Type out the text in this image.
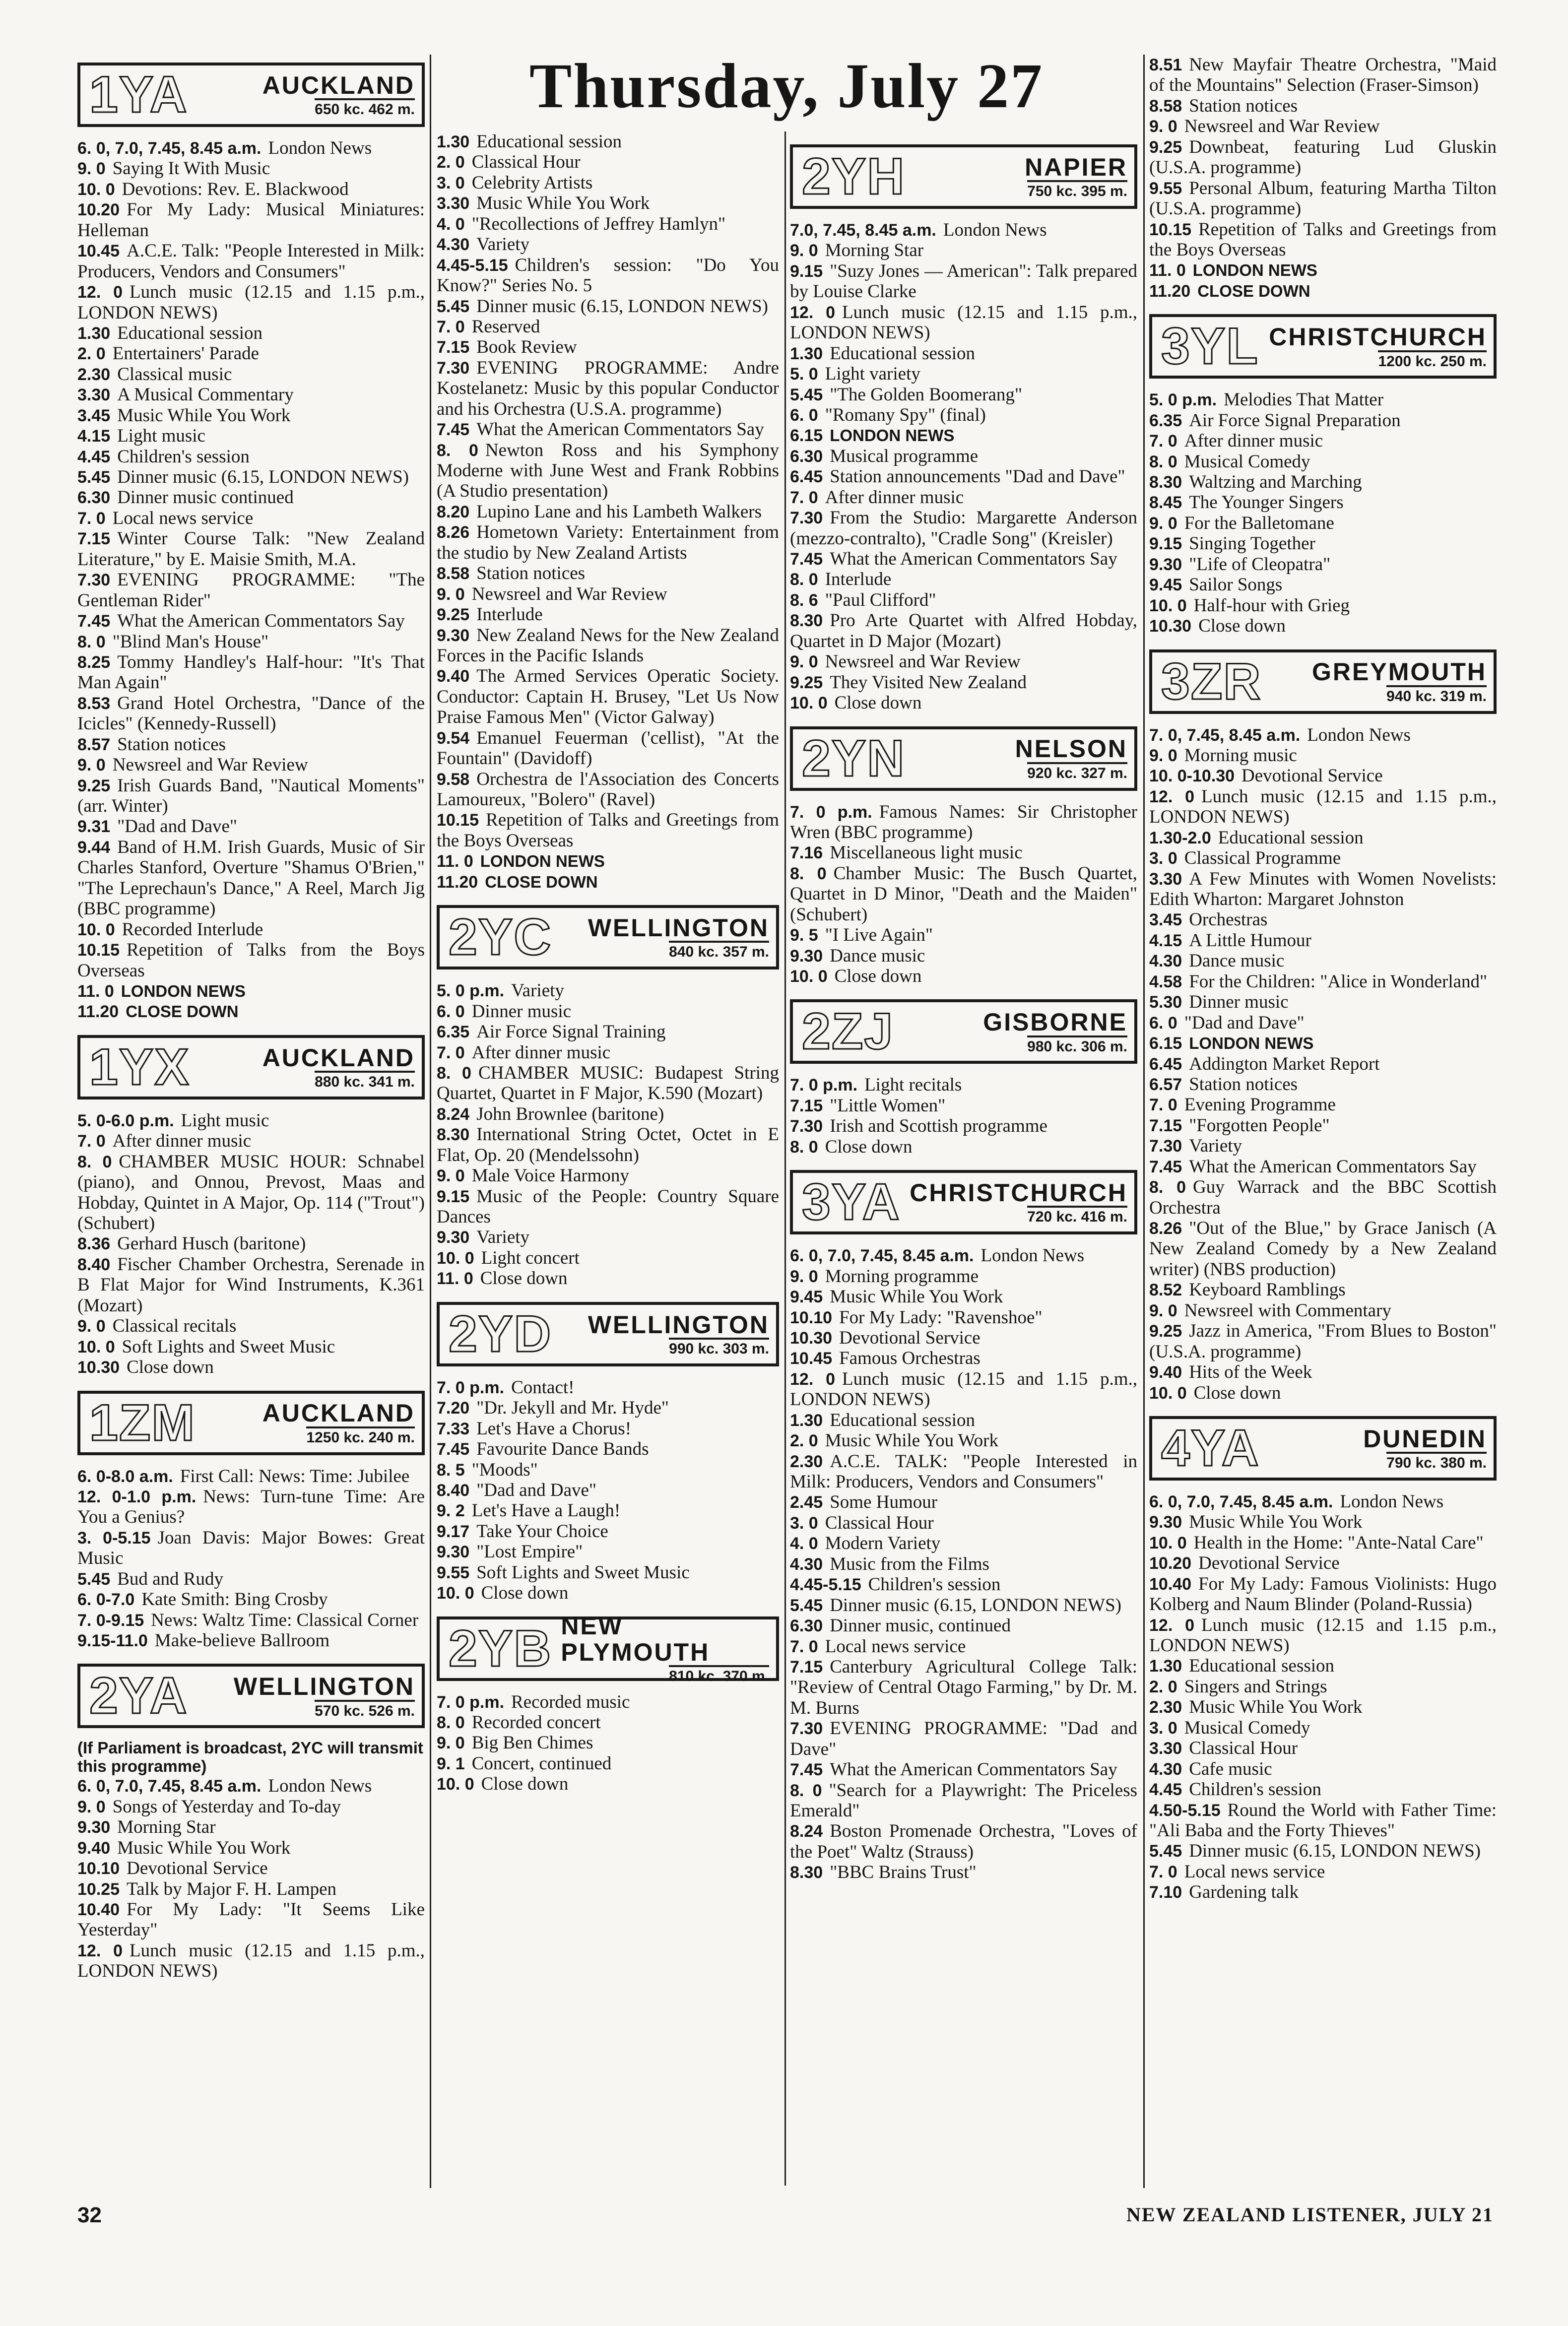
Thursday, July 27
1YA	AUCKLAND
650 kc. 462 m.

6. 0, 7.0, 7.45, 8.45 a.m. London News

9. 0 Saying It With Music

10. 0 Devotions: Rev. E. Blackwood

10.20 For My Lady: Musical Miniatures: Helleman

10.45 A.C.E. Talk: "People Interested in Milk: Producers, Vendors and Consumers"

12. 0 Lunch music (12.15 and 1.15 p.m., LONDON NEWS)

1.30 Educational session

2. 0 Entertainers' Parade

2.30 Classical music

3.30 A Musical Commentary

3.45 Music While You Work

4.15 Light music

4.45 Children's session

5.45 Dinner music (6.15, LONDON NEWS)

6.30 Dinner music continued

7. 0 Local news service

7.15 Winter Course Talk: "New Zealand Literature," by E. Maisie Smith, M.A.

7.30 EVENING PROGRAMME: "The Gentleman Rider"

7.45 What the American Commentators Say

8. 0 "Blind Man's House"

8.25 Tommy Handley's Half-hour: "It's That Man Again"

8.53 Grand Hotel Orchestra, "Dance of the Icicles" (Kennedy-Russell)

8.57 Station notices

9. 0 Newsreel and War Review

9.25 Irish Guards Band, "Nautical Moments" (arr. Winter)

9.31 "Dad and Dave"

9.44 Band of H.M. Irish Guards, Music of Sir Charles Stanford, Overture "Shamus O'Brien," "The Leprechaun's Dance," A Reel, March Jig (BBC programme)

10. 0 Recorded Interlude

10.15 Repetition of Talks from the Boys Overseas

11. 0 LONDON NEWS

11.20 CLOSE DOWN

1YX	AUCKLAND
880 kc. 341 m.

5. 0-6.0 p.m. Light music

7. 0 After dinner music

8. 0 CHAMBER MUSIC HOUR: Schnabel (piano), and Onnou, Prevost, Maas and Hobday, Quintet in A Major, Op. 114 ("Trout") (Schubert)

8.36 Gerhard Husch (baritone)

8.40 Fischer Chamber Orchestra, Serenade in B Flat Major for Wind Instruments, K.361 (Mozart)

9. 0 Classical recitals

10. 0 Soft Lights and Sweet Music

10.30 Close down

1ZM	AUCKLAND
1250 kc. 240 m.

6. 0-8.0 a.m. First Call: News: Time: Jubilee

12. 0-1.0 p.m. News: Turn-tune Time: Are You a Genius?

3. 0-5.15 Joan Davis: Major Bowes: Great Music

5.45 Bud and Rudy

6. 0-7.0 Kate Smith: Bing Crosby

7. 0-9.15 News: Waltz Time: Classical Corner

9.15-11.0 Make-believe Ballroom

2YA	WELLINGTON
570 kc. 526 m.
(If Parliament is broadcast, 2YC will transmit this programme)

6. 0, 7.0, 7.45, 8.45 a.m. London News

9. 0 Songs of Yesterday and To-day

9.30 Morning Star

9.40 Music While You Work

10.10 Devotional Service

10.25 Talk by Major F. H. Lampen

10.40 For My Lady: "It Seems Like Yesterday"

12. 0 Lunch music (12.15 and 1.15 p.m., LONDON NEWS)

1.30 Educational session

2. 0 Classical Hour

3. 0 Celebrity Artists

3.30 Music While You Work

4. 0 "Recollections of Jeffrey Hamlyn"

4.30 Variety

4.45-5.15 Children's session: "Do You Know?" Series No. 5

5.45 Dinner music (6.15, LONDON NEWS)

7. 0 Reserved

7.15 Book Review

7.30 EVENING PROGRAMME: Andre Kostelanetz: Music by this popular Conductor and his Orchestra (U.S.A. programme)

7.45 What the American Commentators Say

8. 0 Newton Ross and his Symphony Moderne with June West and Frank Robbins (A Studio presentation)

8.20 Lupino Lane and his Lambeth Walkers

8.26 Hometown Variety: Entertainment from the studio by New Zealand Artists

8.58 Station notices

9. 0 Newsreel and War Review

9.25 Interlude

9.30 New Zealand News for the New Zealand Forces in the Pacific Islands

9.40 The Armed Services Operatic Society. Conductor: Captain H. Brusey, "Let Us Now Praise Famous Men" (Victor Galway)

9.54 Emanuel Feuerman ('cellist), "At the Fountain" (Davidoff)

9.58 Orchestra de l'Association des Concerts Lamoureux, "Bolero" (Ravel)

10.15 Repetition of Talks and Greetings from the Boys Overseas

11. 0 LONDON NEWS

11.20 CLOSE DOWN

2YC	WELLINGTON
840 kc. 357 m.

5. 0 p.m. Variety

6. 0 Dinner music

6.35 Air Force Signal Training

7. 0 After dinner music

8. 0 CHAMBER MUSIC: Budapest String Quartet, Quartet in F Major, K.590 (Mozart)

8.24 John Brownlee (baritone)

8.30 International String Octet, Octet in E Flat, Op. 20 (Mendelssohn)

9. 0 Male Voice Harmony

9.15 Music of the People: Country Square Dances

9.30 Variety

10. 0 Light concert

11. 0 Close down

2YD	WELLINGTON
990 kc. 303 m.

7. 0 p.m. Contact!

7.20 "Dr. Jekyll and Mr. Hyde"

7.33 Let's Have a Chorus!

7.45 Favourite Dance Bands

8. 5 "Moods"

8.40 "Dad and Dave"

9. 2 Let's Have a Laugh!

9.17 Take Your Choice

9.30 "Lost Empire"

9.55 Soft Lights and Sweet Music

10. 0 Close down

2YB NEW PLYMOUTH
810 kc. 370 m.

7. 0 p.m. Recorded music

8. 0 Recorded concert

9. 0 Big Ben Chimes

9. 1 Concert, continued

10. 0 Close down

2YH	NAPIER
750 kc. 395 m.

7.0, 7.45, 8.45 a.m. London News

9. 0 Morning Star

9.15 "Suzy Jones — American": Talk prepared by Louise Clarke

12. 0 Lunch music (12.15 and 1.15 p.m., LONDON NEWS)

1.30 Educational session

5. 0 Light variety

5.45 "The Golden Boomerang"

6. 0 "Romany Spy" (final)

6.15 LONDON NEWS

6.30 Musical programme

6.45 Station announcements "Dad and Dave"

7. 0 After dinner music

7.30 From the Studio: Margarette Anderson (mezzo-contralto), "Cradle Song" (Kreisler)

7.45 What the American Commentators Say

8. 0 Interlude

8. 6 "Paul Clifford"

8.30 Pro Arte Quartet with Alfred Hobday, Quartet in D Major (Mozart)

9. 0 Newsreel and War Review

9.25 They Visited New Zealand

10. 0 Close down

2YN	NELSON
920 kc. 327 m.

7. 0 p.m. Famous Names: Sir Christopher Wren (BBC programme)

7.16 Miscellaneous light music

8. 0 Chamber Music: The Busch Quartet, Quartet in D Minor, "Death and the Maiden" (Schubert)

9. 5 "I Live Again"

9.30 Dance music

10. 0 Close down

2ZJ	GISBORNE
980 kc. 306 m.

7. 0 p.m. Light recitals

7.15 "Little Women"

7.30 Irish and Scottish programme

8. 0 Close down

3YA CHRISTCHURCH
720 kc. 416 m.

6. 0, 7.0, 7.45, 8.45 a.m. London News

9. 0 Morning programme

9.45 Music While You Work

10.10 For My Lady: "Ravenshoe"

10.30 Devotional Service

10.45 Famous Orchestras

12. 0 Lunch music (12.15 and 1.15 p.m., LONDON NEWS)

1.30 Educational session

2. 0 Music While You Work

2.30 A.C.E. TALK: "People Interested in Milk: Producers, Vendors and Consumers"

2.45 Some Humour

3. 0 Classical Hour

4. 0 Modern Variety

4.30 Music from the Films

4.45-5.15 Children's session

5.45 Dinner music (6.15, LONDON NEWS)

6.30 Dinner music, continued

7. 0 Local news service

7.15 Canterbury Agricultural College Talk: "Review of Central Otago Farming," by Dr. M. M. Burns

7.30 EVENING PROGRAMME: "Dad and Dave"

7.45 What the American Commentators Say

8. 0 "Search for a Playwright: The Priceless Emerald"

8.24 Boston Promenade Orchestra, "Loves of the Poet" Waltz (Strauss)

8.30 "BBC Brains Trust"

8.51 New Mayfair Theatre Orchestra, "Maid of the Mountains" Selection (Fraser-Simson)

8.58 Station notices

9. 0 Newsreel and War Review

9.25 Downbeat, featuring Lud Gluskin (U.S.A. programme)

9.55 Personal Album, featuring Martha Tilton (U.S.A. programme)

10.15 Repetition of Talks and Greetings from the Boys Overseas

11. 0 LONDON NEWS

11.20 CLOSE DOWN

3YL CHRISTCHURCH
1200 kc. 250 m.

5. 0 p.m. Melodies That Matter

6.35 Air Force Signal Preparation

7. 0 After dinner music

8. 0 Musical Comedy

8.30 Waltzing and Marching

8.45 The Younger Singers

9. 0 For the Balletomane

9.15 Singing Together

9.30 "Life of Cleopatra"

9.45 Sailor Songs

10. 0 Half-hour with Grieg

10.30 Close down

3ZR	GREYMOUTH
940 kc. 319 m.

7. 0, 7.45, 8.45 a.m. London News

9. 0 Morning music

10. 0-10.30 Devotional Service

12. 0 Lunch music (12.15 and 1.15 p.m., LONDON NEWS)

1.30-2.0 Educational session

3. 0 Classical Programme

3.30 A Few Minutes with Women Novelists: Edith Wharton: Margaret Johnston

3.45 Orchestras

4.15 A Little Humour

4.30 Dance music

4.58 For the Children: "Alice in Wonderland"

5.30 Dinner music

6. 0 "Dad and Dave"

6.15 LONDON NEWS

6.45 Addington Market Report

6.57 Station notices

7. 0 Evening Programme

7.15 "Forgotten People"

7.30 Variety

7.45 What the American Commentators Say

8. 0 Guy Warrack and the BBC Scottish Orchestra

8.26 "Out of the Blue," by Grace Janisch (A New Zealand Comedy by a New Zealand writer) (NBS production)

8.52 Keyboard Ramblings

9. 0 Newsreel with Commentary

9.25 Jazz in America, "From Blues to Boston" (U.S.A. programme)

9.40 Hits of the Week

10. 0 Close down

4YA	DUNEDIN
790 kc. 380 m.

6. 0, 7.0, 7.45, 8.45 a.m. London News

9.30 Music While You Work

10. 0 Health in the Home: "Ante-Natal Care"

10.20 Devotional Service

10.40 For My Lady: Famous Violinists: Hugo Kolberg and Naum Blinder (Poland-Russia)

12. 0 Lunch music (12.15 and 1.15 p.m., LONDON NEWS)

1.30 Educational session

2. 0 Singers and Strings

2.30 Music While You Work

3. 0 Musical Comedy

3.30 Classical Hour

4.30 Cafe music

4.45 Children's session

4.50-5.15 Round the World with Father Time: "Ali Baba and the Forty Thieves"

5.45 Dinner music (6.15, LONDON NEWS)

7. 0 Local news service

7.10 Gardening talk

32	NEW ZEALAND LISTENER, JULY 21
